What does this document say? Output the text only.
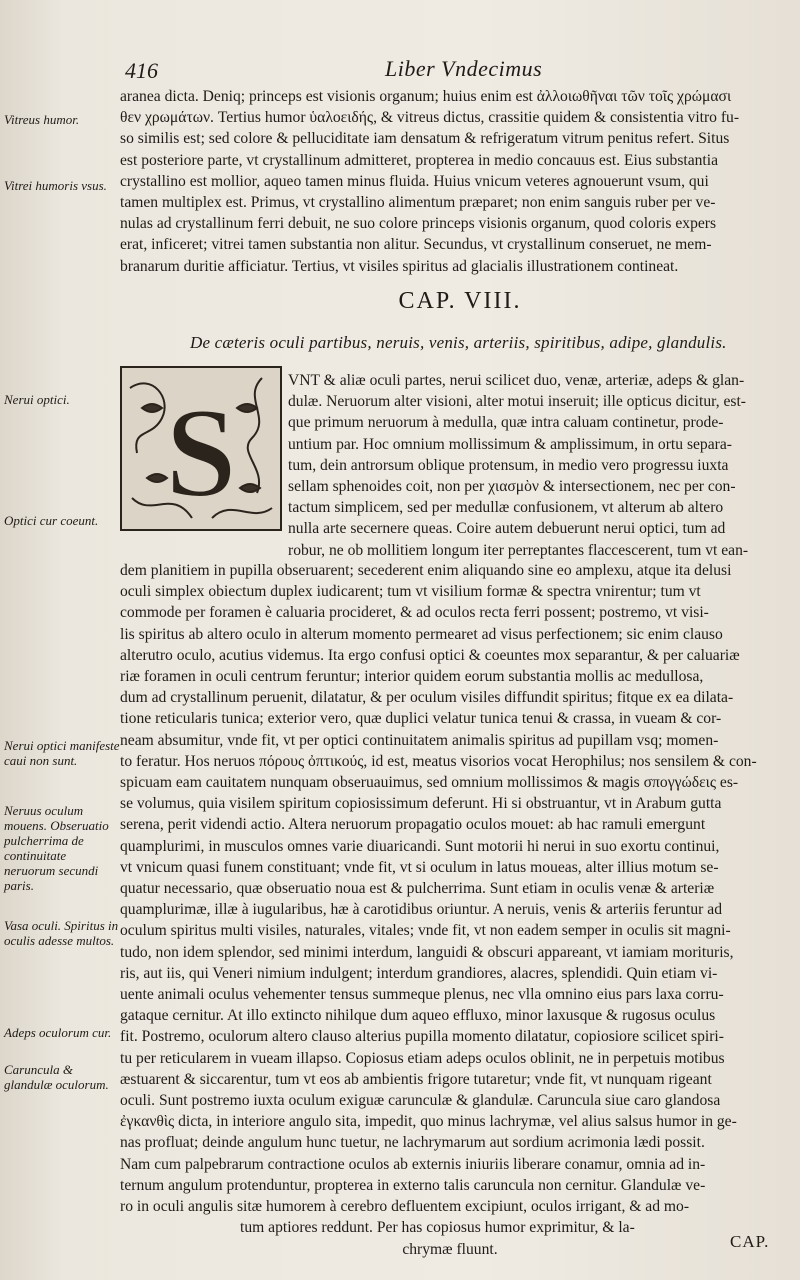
416	Liber Vndecimus
Vitreus humor.
Vitrei humoris vsus.
Nerui optici.
Optici cur coeunt.
Nerui optici manifeste caui non sunt.
Neruus oculum mouens. Obseruatio pulcherrima de continuitate neruorum secundi paris.
Vasa oculi. Spiritus in oculis adesse multos.
Adeps oculorum cur.
Caruncula & glandulæ oculorum.
aranea dicta. Deniq; princeps est visionis organum; huius enim est ἀλλοιωθῆναι τῶν τοῖς χρώμασι
θεν χρωμάτων. Tertius humor ὑαλοειδής, & vitreus dictus, crassitie quidem & consistentia vitro fu-
so similis est; sed colore & pelluciditate iam densatum & refrigeratum vitrum penitus refert. Situs
est posteriore parte, vt crystallinum admitteret, propterea in medio concauus est. Eius substantia
crystallino est mollior, aqueo tamen minus fluida. Huius vnicum veteres agnouerunt vsum, qui
tamen multiplex est. Primus, vt crystallino alimentum præparet; non enim sanguis ruber per ve-
nulas ad crystallinum ferri debuit, ne suo colore princeps visionis organum, quod coloris expers
erat, inficeret; vitrei tamen substantia non alitur. Secundus, vt crystallinum conseruet, ne mem-
branarum duritie afficiatur. Tertius, vt visiles spiritus ad glacialis illustrationem contineat.
CAP. VIII.
De cæteris oculi partibus, neruis, venis, arteriis, spiritibus, adipe, glandulis.
S
VNT & aliæ oculi partes, nerui scilicet duo, venæ, arteriæ, adeps & glan-
dulæ. Neruorum alter visioni, alter motui inseruit; ille opticus dicitur, est-
que primum neruorum à medulla, quæ intra caluam continetur, prode-
untium par. Hoc omnium mollissimum & amplissimum, in ortu separa-
tum, dein antrorsum oblique protensum, in medio vero progressu iuxta
sellam sphenoides coit, non per χιασμὸν & intersectionem, nec per con-
tactum simplicem, sed per medullæ confusionem, vt alterum ab altero
nulla arte secernere queas. Coire autem debuerunt nerui optici, tum ad
robur, ne ob mollitiem longum iter perreptantes flaccescerent, tum vt ean-
dem planitiem in pupilla obseruarent; secederent enim aliquando sine eo amplexu, atque ita delusi
oculi simplex obiectum duplex iudicarent; tum vt visilium formæ & spectra vnirentur; tum vt
commode per foramen è caluaria procideret, & ad oculos recta ferri possent; postremo, vt visi-
lis spiritus ab altero oculo in alterum momento permearet ad visus perfectionem; sic enim clauso
alterutro oculo, acutius videmus. Ita ergo confusi optici & coeuntes mox separantur, & per caluariæ
riæ foramen in oculi centrum feruntur; interior quidem eorum substantia mollis ac medullosa,
dum ad crystallinum peruenit, dilatatur, & per oculum visiles diffundit spiritus; fitque ex ea dilata-
tione reticularis tunica; exterior vero, quæ duplici velatur tunica tenui & crassa, in vueam & cor-
neam absumitur, vnde fit, vt per optici continuitatem animalis spiritus ad pupillam vsq; momen-
to feratur. Hos neruos πόρους ὀπτικούς, id est, meatus visorios vocat Herophilus; nos sensilem & con-
spicuam eam cauitatem nunquam obseruauimus, sed omnium mollissimos & magis σπογγώδεις es-
se volumus, quia visilem spiritum copiosissimum deferunt. Hi si obstruantur, vt in Arabum gutta
serena, perit videndi actio. Altera neruorum propagatio oculos mouet: ab hac ramuli emergunt
quamplurimi, in musculos omnes varie diuaricandi. Sunt motorii hi nerui in suo exortu continui,
vt vnicum quasi funem constituant; vnde fit, vt si oculum in latus moueas, alter illius motum se-
quatur necessario, quæ obseruatio noua est & pulcherrima. Sunt etiam in oculis venæ & arteriæ
quamplurimæ, illæ à iugularibus, hæ à carotidibus oriuntur. A neruis, venis & arteriis feruntur ad
oculum spiritus multi visiles, naturales, vitales; vnde fit, vt non eadem semper in oculis sit magni-
tudo, non idem splendor, sed minimi interdum, languidi & obscuri appareant, vt iamiam morituris,
ris, aut iis, qui Veneri nimium indulgent; interdum grandiores, alacres, splendidi. Quin etiam vi-
uente animali oculus vehementer tensus summeque plenus, nec vlla omnino eius pars laxa corru-
gataque cernitur. At illo extincto nihilque dum aqueo effluxo, minor laxusque & rugosus oculus
fit. Postremo, oculorum altero clauso alterius pupilla momento dilatatur, copiosiore scilicet spiri-
tu per reticularem in vueam illapso. Copiosus etiam adeps oculos oblinit, ne in perpetuis motibus
æstuarent & siccarentur, tum vt eos ab ambientis frigore tutaretur; vnde fit, vt nunquam rigeant
oculi. Sunt postremo iuxta oculum exiguæ carunculæ & glandulæ. Caruncula siue caro glandosa
ἐγκανθὶς dicta, in interiore angulo sita, impedit, quo minus lachrymæ, vel alius salsus humor in ge-
nas profluat; deinde angulum hunc tuetur, ne lachrymarum aut sordium acrimonia lædi possit.
Nam cum palpebrarum contractione oculos ab externis iniuriis liberare conamur, omnia ad in-
ternum angulum protenduntur, propterea in externo talis caruncula non cernitur. Glandulæ ve-
ro in oculi angulis sitæ humorem à cerebro defluentem excipiunt, oculos irrigant, & ad mo-
tum aptiores reddunt. Per has copiosus humor exprimitur, & la-
chrymæ fluunt.	CAP.
